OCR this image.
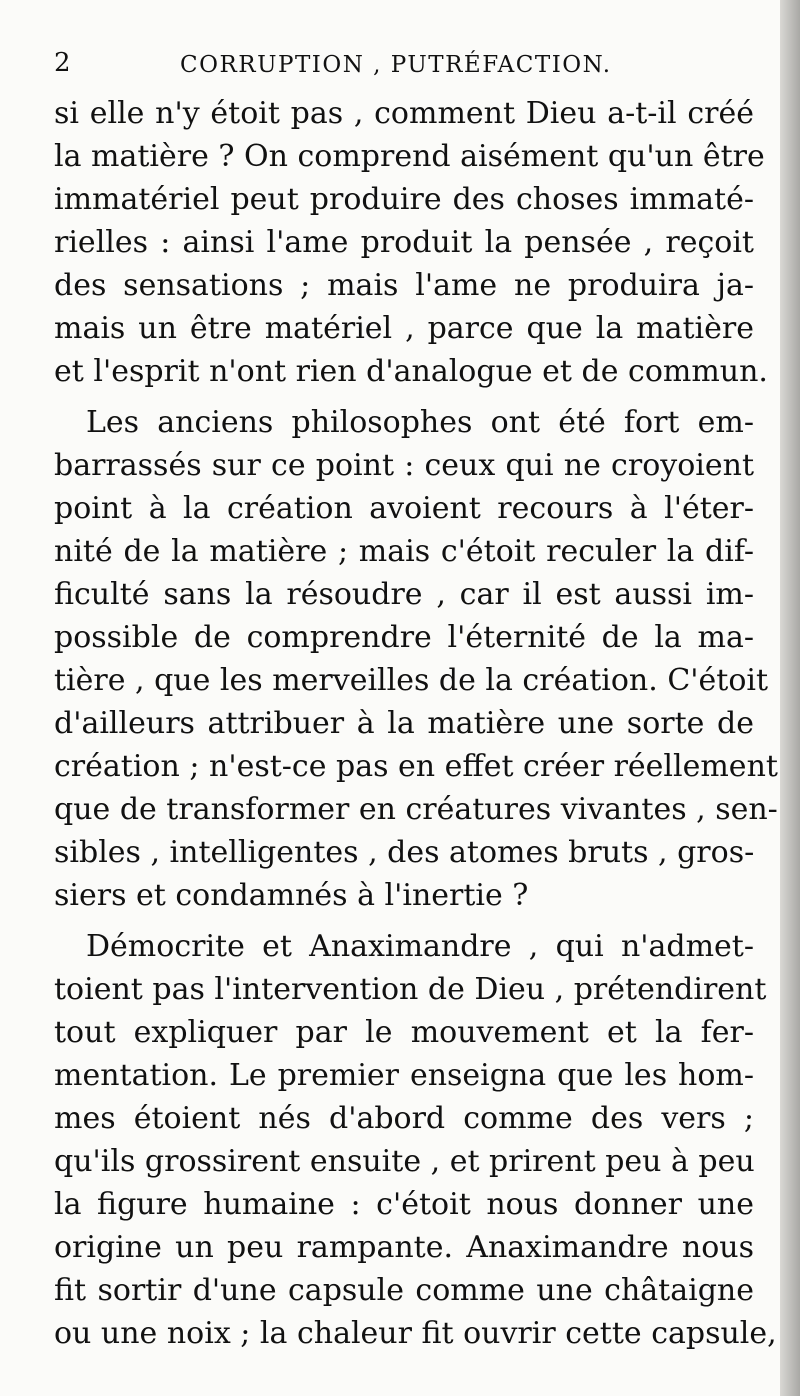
2	CORRUPTION , PUTRÉFACTION.
si elle n'y étoit pas , comment Dieu a-t-il créé
la matière ? On comprend aisément qu'un être
immatériel peut produire des choses immaté-
rielles : ainsi l'ame produit la pensée , reçoit
des sensations ; mais l'ame ne produira ja-
mais un être matériel , parce que la matière
et l'esprit n'ont rien d'analogue et de commun.
Les anciens philosophes ont été fort em-
barrassés sur ce point : ceux qui ne croyoient
point à la création avoient recours à l'éter-
nité de la matière ; mais c'étoit reculer la dif-
ficulté sans la résoudre , car il est aussi im-
possible de comprendre l'éternité de la ma-
tière , que les merveilles de la création. C'étoit
d'ailleurs attribuer à la matière une sorte de
création ; n'est-ce pas en effet créer réellement
que de transformer en créatures vivantes , sen-
sibles , intelligentes , des atomes bruts , gros-
siers et condamnés à l'inertie ?
Démocrite et Anaximandre , qui n'admet-
toient pas l'intervention de Dieu , prétendirent
tout expliquer par le mouvement et la fer-
mentation. Le premier enseigna que les hom-
mes étoient nés d'abord comme des vers ;
qu'ils grossirent ensuite , et prirent peu à peu
la figure humaine : c'étoit nous donner une
origine un peu rampante. Anaximandre nous
fit sortir d'une capsule comme une châtaigne
ou une noix ; la chaleur fit ouvrir cette capsule,
